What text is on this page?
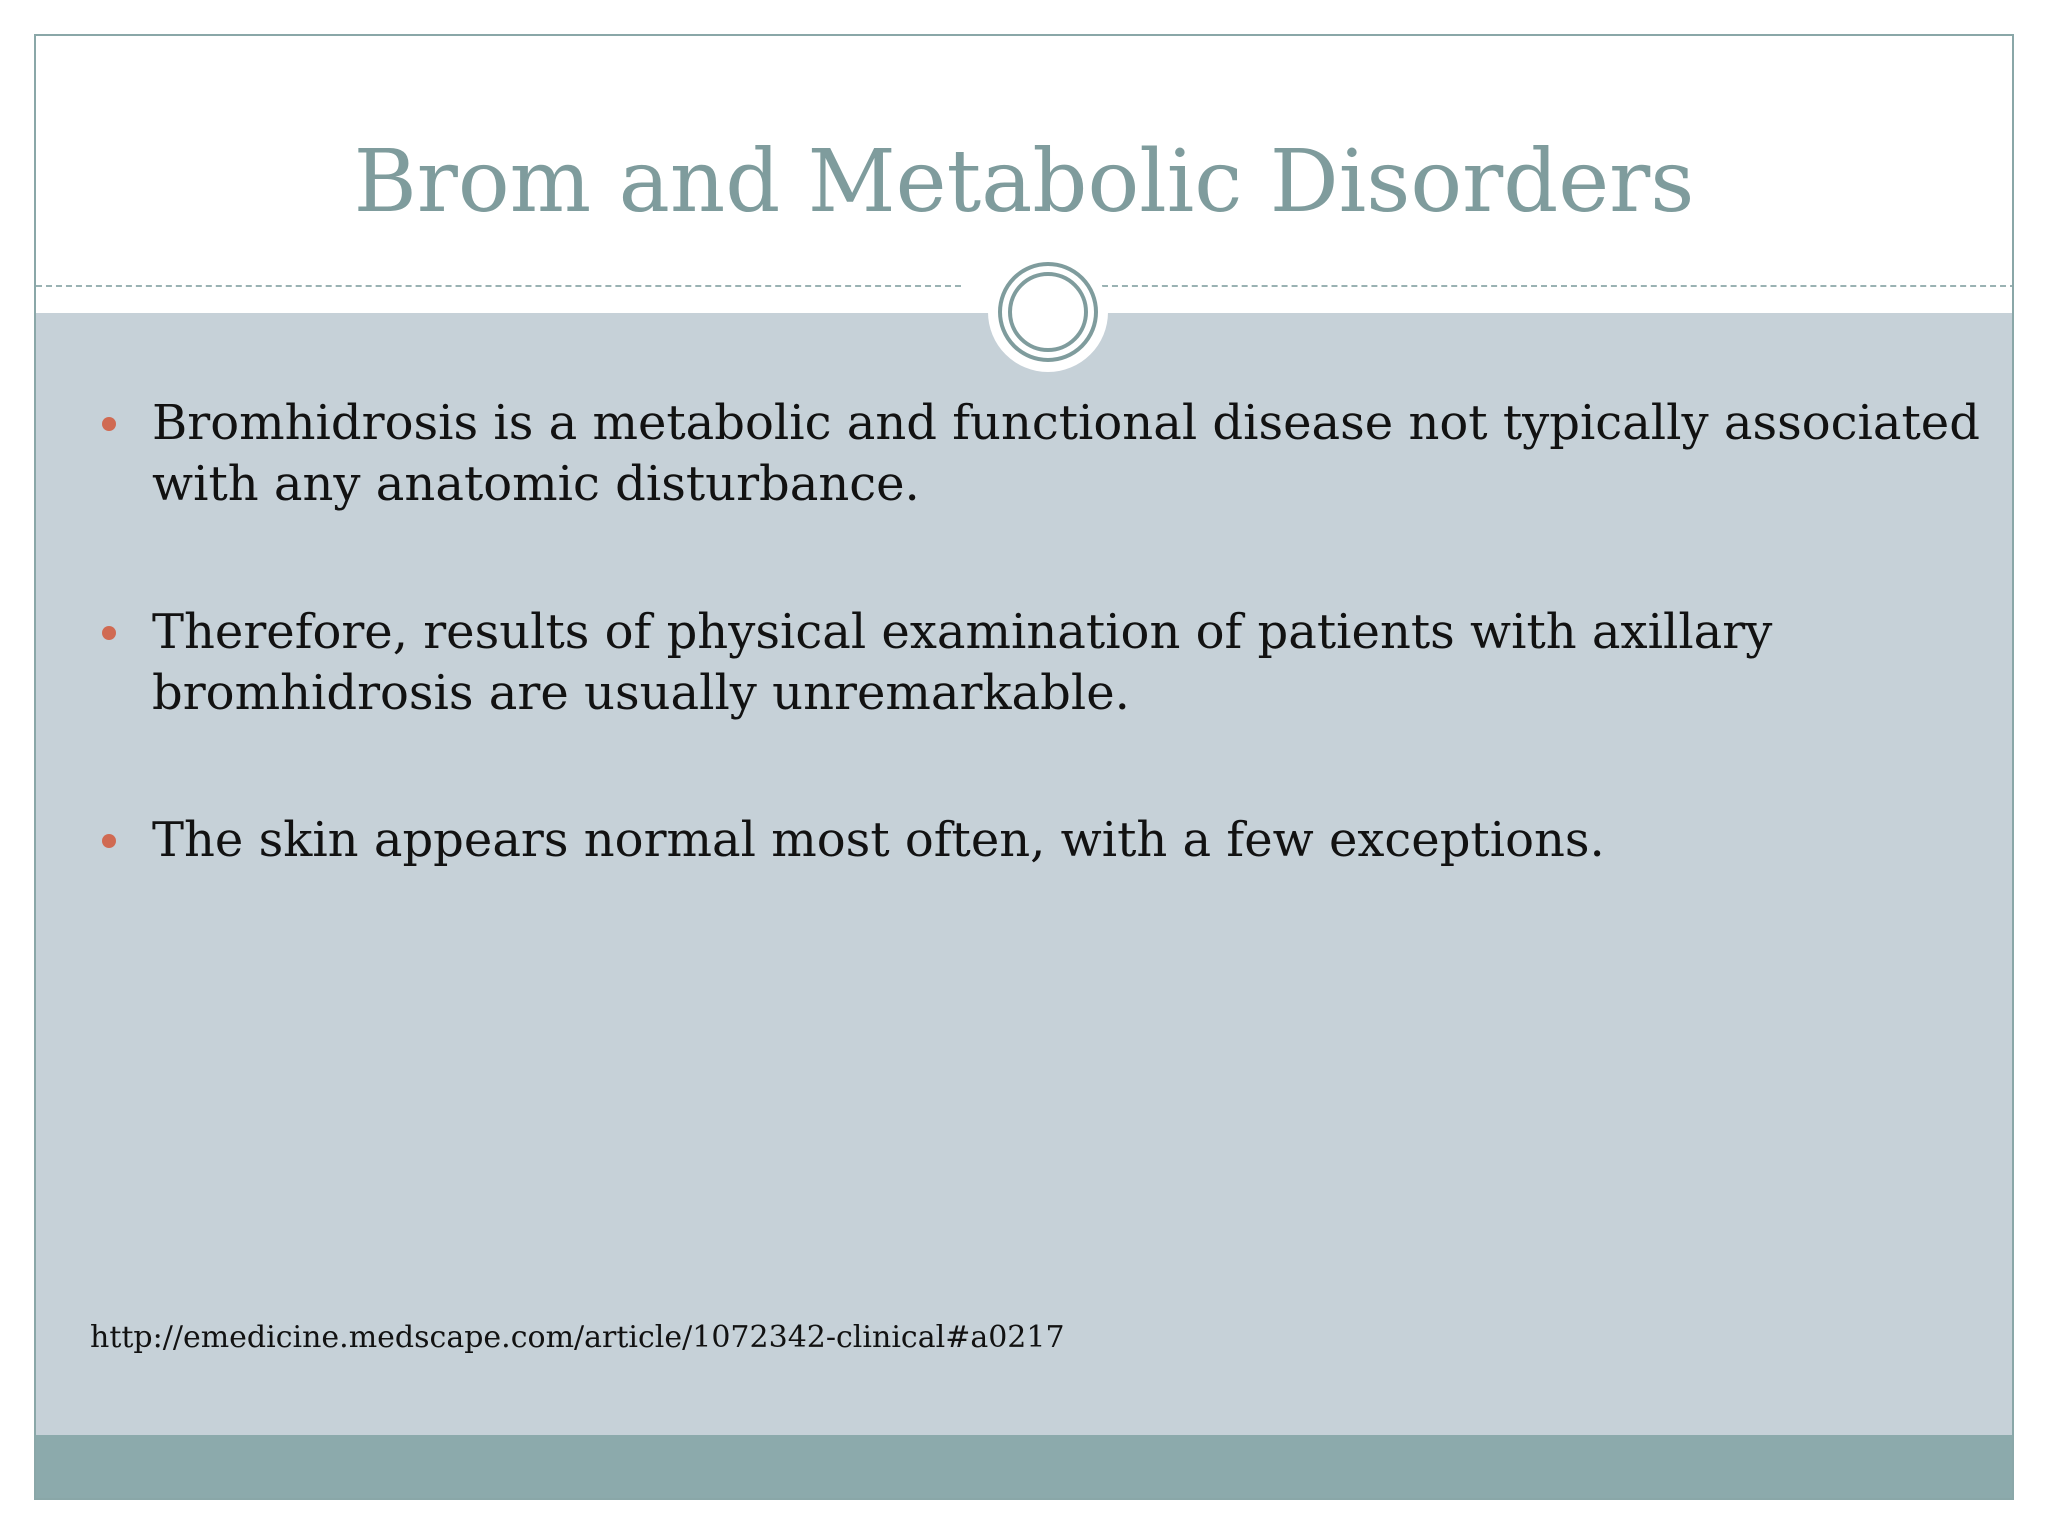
Brom and Metabolic Disorders
Bromhidrosis is a metabolic and functional disease not typically associated with any anatomic disturbance.
Therefore, results of physical examination of patients with axillary bromhidrosis are usually unremarkable.
The skin appears normal most often, with a few exceptions.
http://emedicine.medscape.com/article/1072342-clinical#a0217
